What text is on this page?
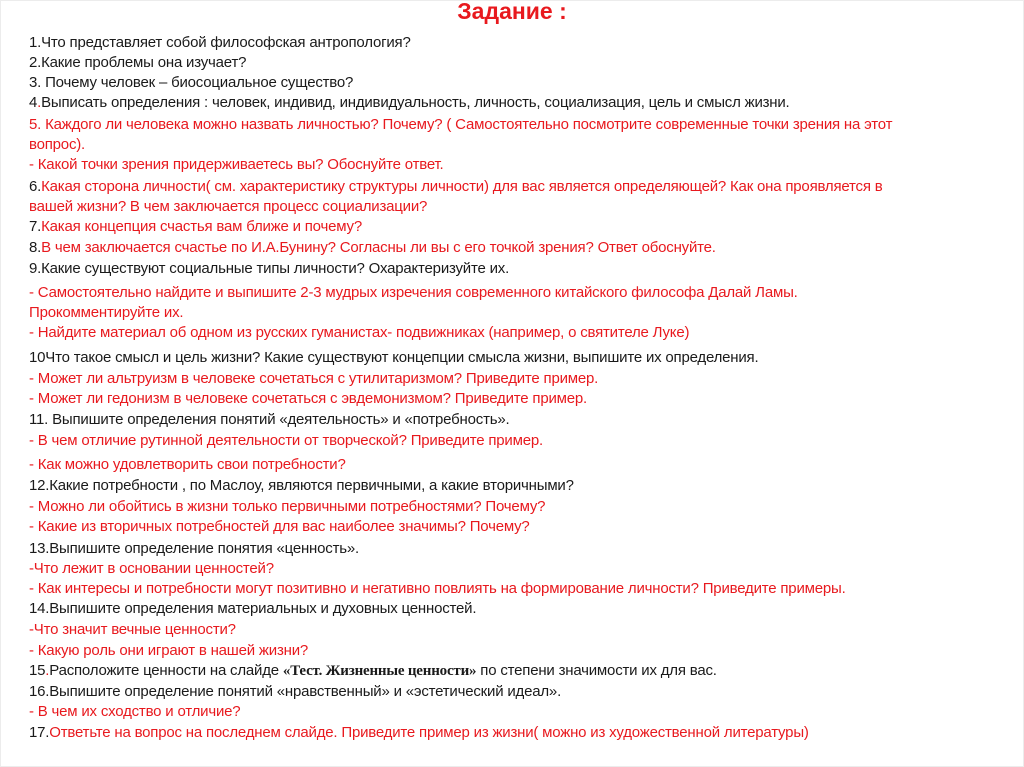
Задание :
1.Что представляет собой философская антропология?
2.Какие проблемы она изучает?
3. Почему человек – биосоциальное существо?
4.Выписать определения : человек, индивид, индивидуальность, личность, социализация, цель и смысл жизни.
5. Каждого ли человека можно назвать личностью? Почему? ( Самостоятельно посмотрите современные точки зрения на этот
вопрос).
- Какой точки зрения придерживаетесь вы? Обоснуйте ответ.
6.Какая сторона личности( см. характеристику структуры личности) для вас является определяющей? Как она проявляется в
вашей жизни? В чем заключается процесс социализации?
7.Какая концепция счастья вам ближе и почему?
8.В чем заключается счастье по И.А.Бунину? Согласны ли вы с его точкой зрения? Ответ обоснуйте.
9.Какие существуют социальные типы личности? Охарактеризуйте их.
- Самостоятельно найдите и выпишите 2-3 мудрых изречения современного китайского философа Далай Ламы.
Прокомментируйте их.
- Найдите материал об одном из русских гуманистах- подвижниках (например, о святителе Луке)
10Что такое смысл и цель жизни? Какие существуют концепции смысла жизни, выпишите их определения.
- Может ли альтруизм в человеке сочетаться с утилитаризмом? Приведите пример.
- Может ли гедонизм в человеке сочетаться с эвдемонизмом? Приведите пример.
11. Выпишите определения понятий «деятельность» и «потребность».
- В чем отличие рутинной деятельности от творческой? Приведите пример.
- Как можно удовлетворить свои потребности?
12.Какие потребности , по Маслоу, являются первичными, а какие вторичными?
- Можно ли обойтись в жизни только первичными потребностями? Почему?
- Какие из вторичных потребностей для вас наиболее значимы? Почему?
13.Выпишите определение понятия «ценность».
-Что лежит в основании ценностей?
- Как интересы и потребности могут позитивно и негативно повлиять на формирование личности? Приведите примеры.
14.Выпишите определения материальных и духовных ценностей.
-Что значит вечные ценности?
- Какую роль они играют в нашей жизни?
15.Расположите ценности на слайде «Тест. Жизненные ценности» по степени значимости их для вас.
16.Выпишите определение понятий «нравственный» и «эстетический идеал».
- В чем их сходство и отличие?
17.Ответьте на вопрос на последнем слайде. Приведите пример из жизни( можно из художественной литературы)
